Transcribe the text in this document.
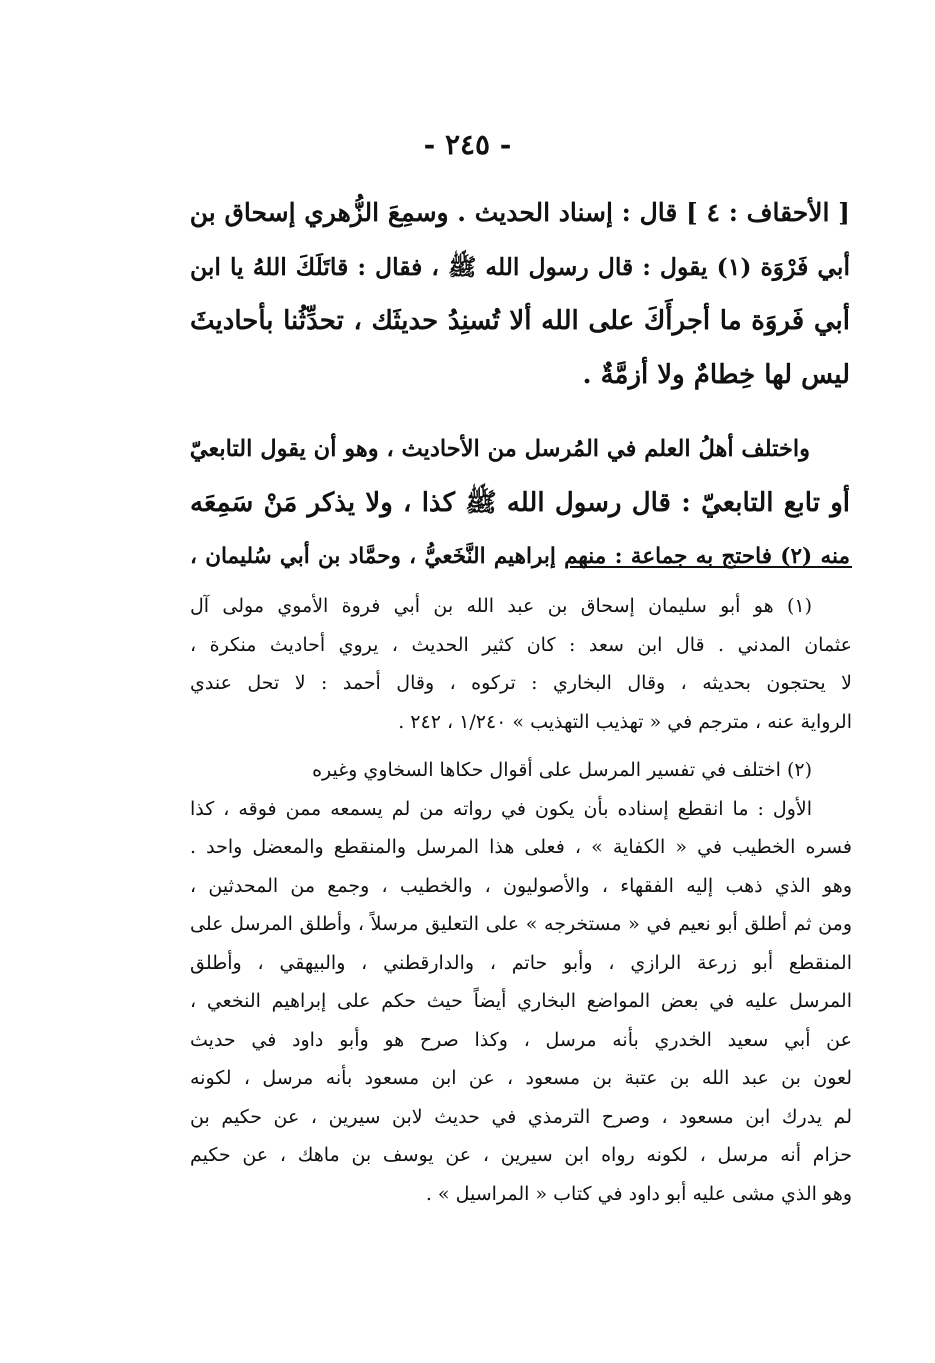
- ٢٤٥ -
[ الأحقاف : ٤ ] قال : إسناد الحديث . وسمِعَ الزُّهري إسحاق بن
أبي فَرْوَة (١) يقول : قال رسول الله ﷺ ، فقال : قاتَلَكَ اللهُ يا ابن
أبي فَروَة ما أجرأَكَ على الله ألا تُسنِدُ حديثَك ، تحدِّثُنا بأحاديثَ
ليس لها خِطامٌ ولا أزمَّةٌ .
واختلف أهلُ العلم في المُرسل من الأحاديث ، وهو أن يقول التابعيّ
أو تابع التابعيّ : قال رسول الله ﷺ كذا ، ولا يذكر مَنْ سَمِعَه
منه (٢) فاحتج به جماعة : منهم إبراهيم النَّخَعيُّ ، وحمَّاد بن أبي سُليمان ،
(١) هو أبو سليمان إسحاق بن عبد الله بن أبي فروة الأموي مولى آل
عثمان المدني . قال ابن سعد : كان كثير الحديث ، يروي أحاديث منكرة ،
لا يحتجون بحديثه ، وقال البخاري : تركوه ، وقال أحمد : لا تحل عندي
الرواية عنه ، مترجم في « تهذيب التهذيب » ١/٢٤٠ ، ٢٤٢ .
(٢) اختلف في تفسير المرسل على أقوال حكاها السخاوي وغيره
الأول : ما انقطع إسناده بأن يكون في رواته من لم يسمعه ممن فوقه ، كذا
فسره الخطيب في « الكفاية » ، فعلى هذا المرسل والمنقطع والمعضل واحد .
وهو الذي ذهب إليه الفقهاء ، والأصوليون ، والخطيب ، وجمع من المحدثين ،
ومن ثم أطلق أبو نعيم في « مستخرجه » على التعليق مرسلاً ، وأطلق المرسل على
المنقطع أبو زرعة الرازي ، وأبو حاتم ، والدارقطني ، والبيهقي ، وأطلق
المرسل عليه في بعض المواضع البخاري أيضاً حيث حكم على إبراهيم النخعي ،
عن أبي سعيد الخدري بأنه مرسل ، وكذا صرح هو وأبو داود في حديث
لعون بن عبد الله بن عتبة بن مسعود ، عن ابن مسعود بأنه مرسل ، لكونه
لم يدرك ابن مسعود ، وصرح الترمذي في حديث لابن سيرين ، عن حكيم بن
حزام أنه مرسل ، لكونه رواه ابن سيرين ، عن يوسف بن ماهك ، عن حكيم
وهو الذي مشى عليه أبو داود في كتاب « المراسيل » .
